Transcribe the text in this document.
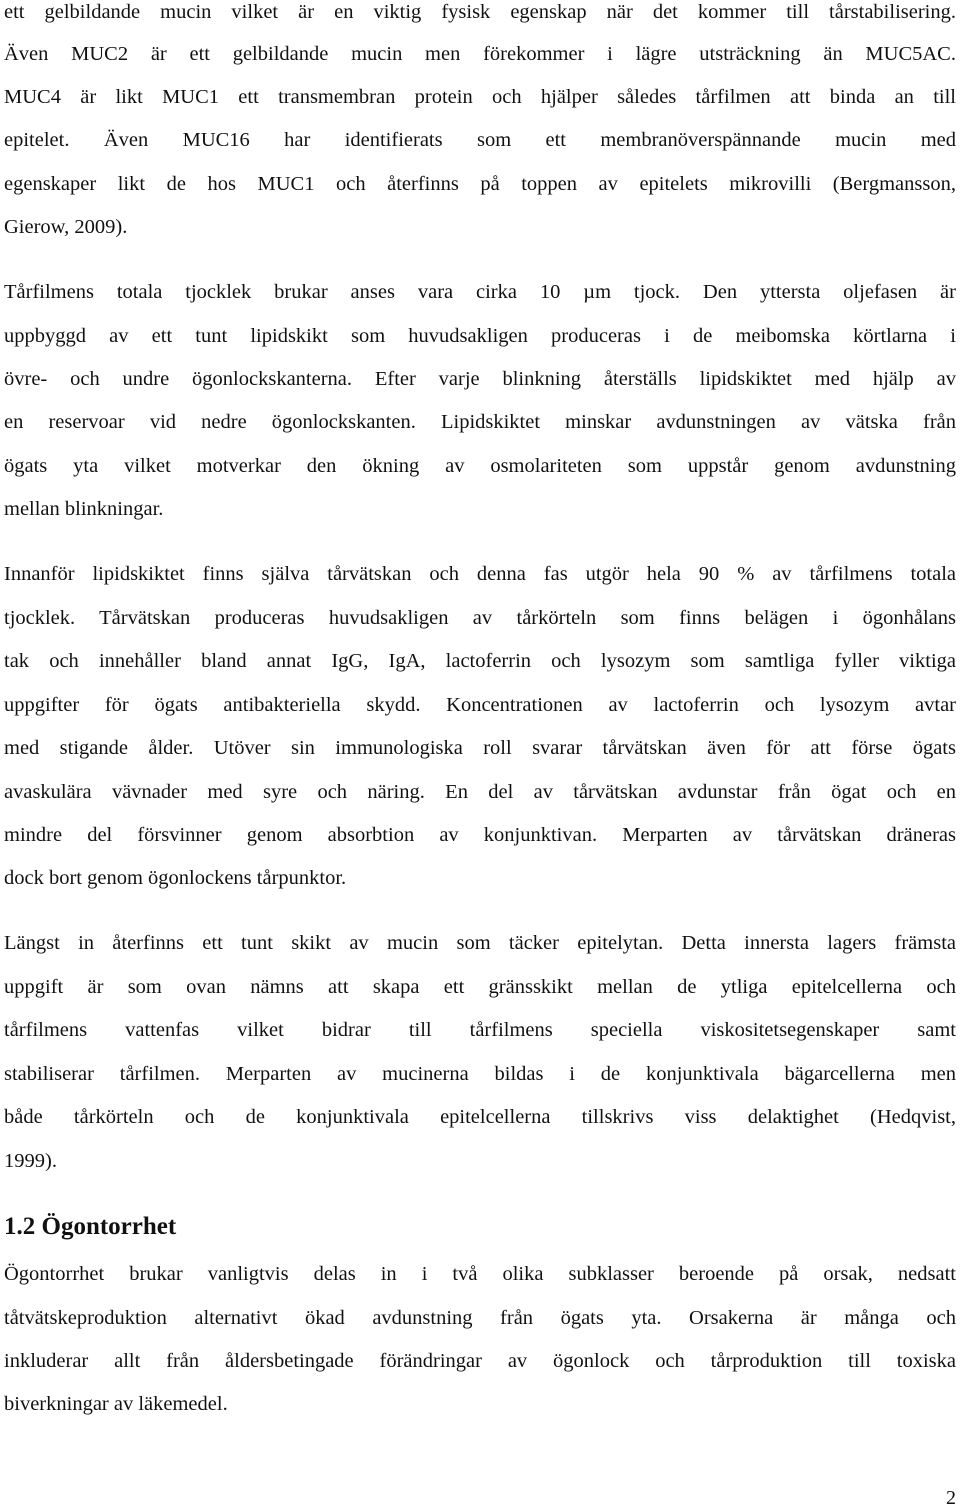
ett gelbildande mucin vilket är en viktig fysisk egenskap när det kommer till tårstabilisering.
Även MUC2 är ett gelbildande mucin men förekommer i lägre utsträckning än MUC5AC.
MUC4 är likt MUC1 ett transmembran protein och hjälper således tårfilmen att binda an till
epitelet. Även MUC16 har identifierats som ett membranöverspännande mucin med
egenskaper likt de hos MUC1 och återfinns på toppen av epitelets mikrovilli (Bergmansson,
Gierow, 2009).
Tårfilmens totala tjocklek brukar anses vara cirka 10 µm tjock. Den yttersta oljefasen är
uppbyggd av ett tunt lipidskikt som huvudsakligen produceras i de meibomska körtlarna i
övre- och undre ögonlockskanterna. Efter varje blinkning återställs lipidskiktet med hjälp av
en reservoar vid nedre ögonlockskanten. Lipidskiktet minskar avdunstningen av vätska från
ögats yta vilket motverkar den ökning av osmolariteten som uppstår genom avdunstning
mellan blinkningar.
Innanför lipidskiktet finns själva tårvätskan och denna fas utgör hela 90 % av tårfilmens totala
tjocklek. Tårvätskan produceras huvudsakligen av tårkörteln som finns belägen i ögonhålans
tak och innehåller bland annat IgG, IgA, lactoferrin och lysozym som samtliga fyller viktiga
uppgifter för ögats antibakteriella skydd. Koncentrationen av lactoferrin och lysozym avtar
med stigande ålder. Utöver sin immunologiska roll svarar tårvätskan även för att förse ögats
avaskulära vävnader med syre och näring. En del av tårvätskan avdunstar från ögat och en
mindre del försvinner genom absorbtion av konjunktivan. Merparten av tårvätskan dräneras
dock bort genom ögonlockens tårpunktor.
Längst in återfinns ett tunt skikt av mucin som täcker epitelytan. Detta innersta lagers främsta
uppgift är som ovan nämns att skapa ett gränsskikt mellan de ytliga epitelcellerna och
tårfilmens vattenfas vilket bidrar till tårfilmens speciella viskositetsegenskaper samt
stabiliserar tårfilmen. Merparten av mucinerna bildas i de konjunktivala bägarcellerna men
både tårkörteln och de konjunktivala epitelcellerna tillskrivs viss delaktighet (Hedqvist,
1999).
1.2 Ögontorrhet
Ögontorrhet brukar vanligtvis delas in i två olika subklasser beroende på orsak, nedsatt
tåtvätskeproduktion alternativt ökad avdunstning från ögats yta. Orsakerna är många och
inkluderar allt från åldersbetingade förändringar av ögonlock och tårproduktion till toxiska
biverkningar av läkemedel.
2
